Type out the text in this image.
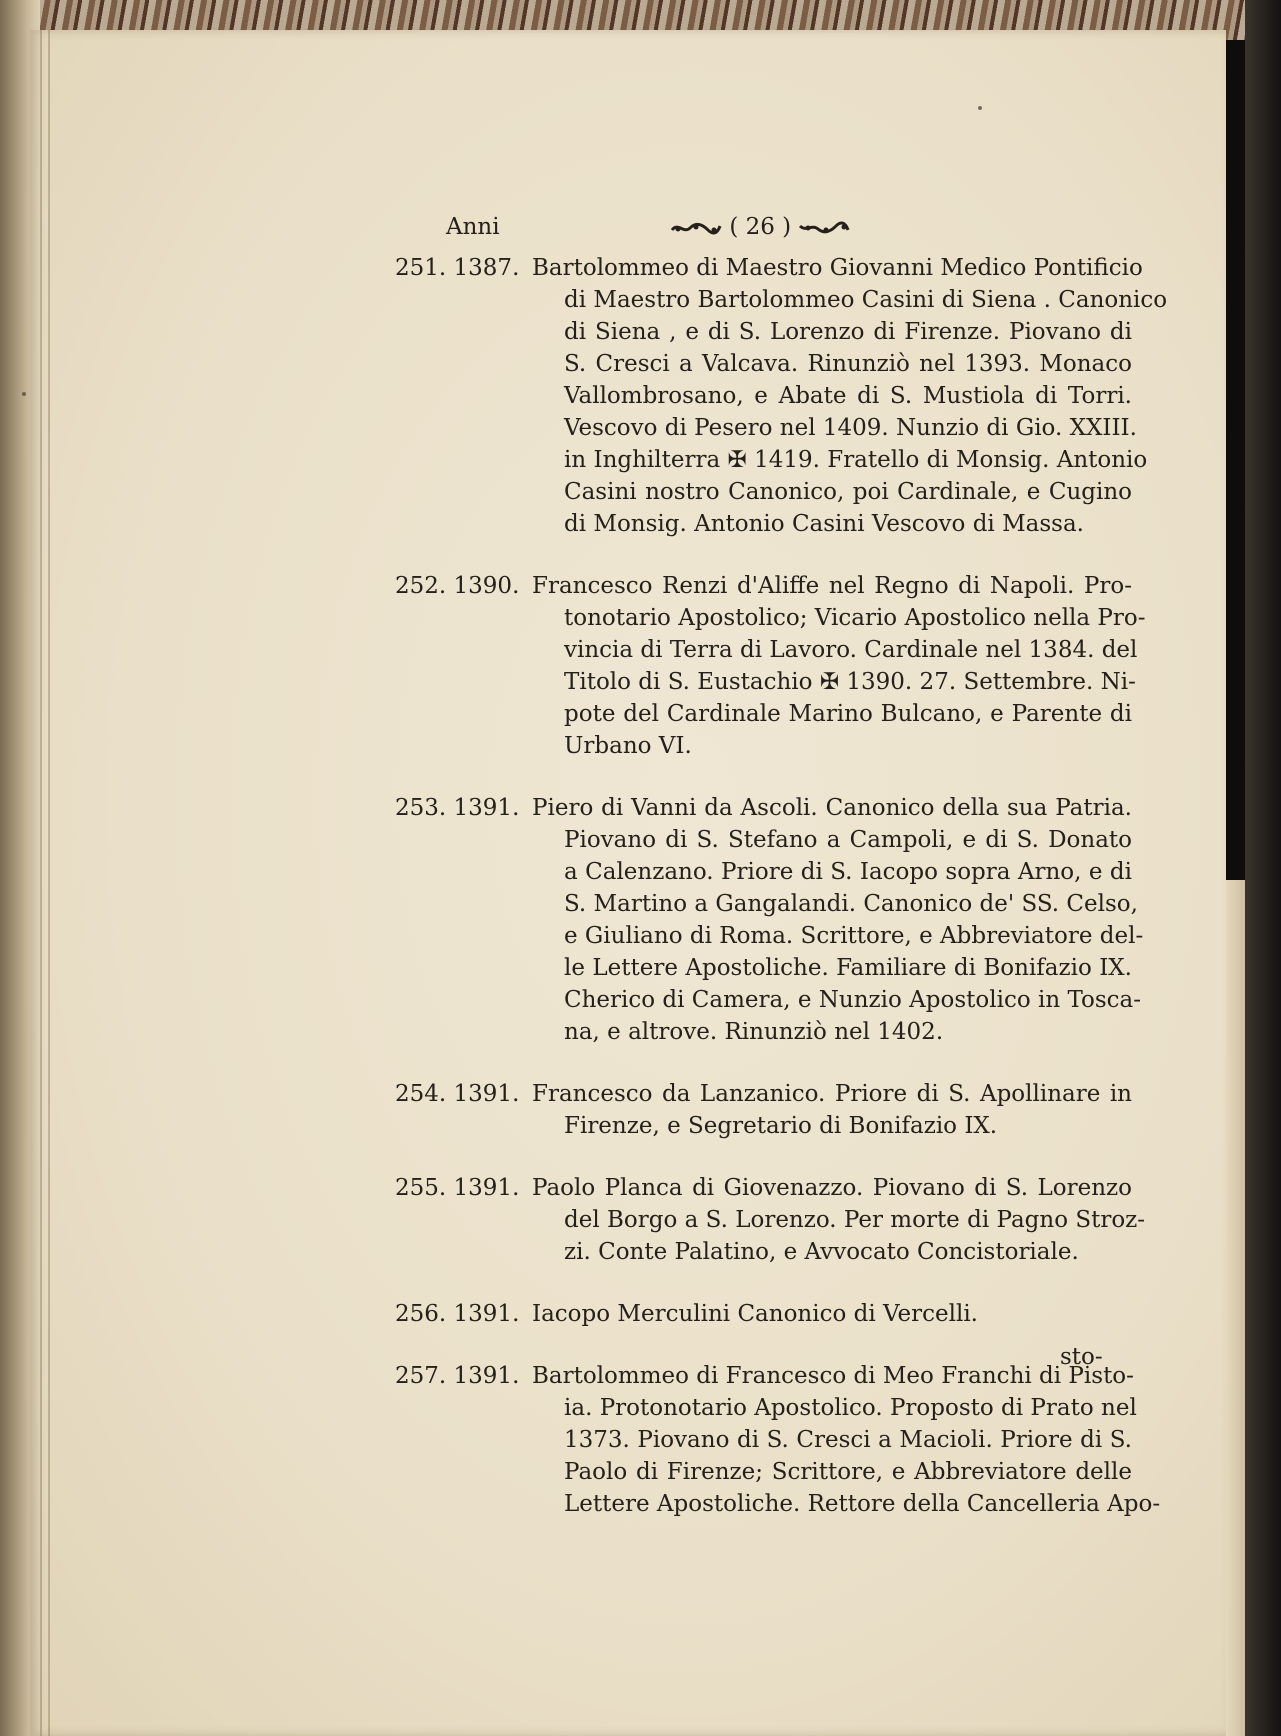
Anni	( 26 )
251. 1387. Bartolommeo di Maestro Giovanni Medico Pontificio
di Maestro Bartolommeo Casini di Siena . Canonico
di Siena , e di S. Lorenzo di Firenze. Piovano di
S. Cresci a Valcava. Rinunziò nel 1393. Monaco
Vallombrosano, e Abate di S. Mustiola di Torri.
Vescovo di Pesero nel 1409. Nunzio di Gio. XXIII.
in Inghilterra ✠ 1419. Fratello di Monsig. Antonio
Casini nostro Canonico, poi Cardinale, e Cugino
di Monsig. Antonio Casini Vescovo di Massa.
252. 1390. Francesco Renzi d'Aliffe nel Regno di Napoli. Pro-
tonotario Apostolico; Vicario Apostolico nella Pro-
vincia di Terra di Lavoro. Cardinale nel 1384. del
Titolo di S. Eustachio ✠ 1390. 27. Settembre. Ni-
pote del Cardinale Marino Bulcano, e Parente di
Urbano VI.
253. 1391. Piero di Vanni da Ascoli. Canonico della sua Patria.
Piovano di S. Stefano a Campoli, e di S. Donato
a Calenzano. Priore di S. Iacopo sopra Arno, e di
S. Martino a Gangalandi. Canonico de' SS. Celso,
e Giuliano di Roma. Scrittore, e Abbreviatore del-
le Lettere Apostoliche. Familiare di Bonifazio IX.
Cherico di Camera, e Nunzio Apostolico in Tosca-
na, e altrove. Rinunziò nel 1402.
254. 1391. Francesco da Lanzanico. Priore di S. Apollinare in
Firenze, e Segretario di Bonifazio IX.
255. 1391. Paolo Planca di Giovenazzo. Piovano di S. Lorenzo
del Borgo a S. Lorenzo. Per morte di Pagno Stroz-
zi. Conte Palatino, e Avvocato Concistoriale.
256. 1391. Iacopo Merculini Canonico di Vercelli.
257. 1391. Bartolommeo di Francesco di Meo Franchi di Pisto-
ia. Protonotario Apostolico. Proposto di Prato nel
1373. Piovano di S. Cresci a Macioli. Priore di S.
Paolo di Firenze; Scrittore, e Abbreviatore delle
Lettere Apostoliche. Rettore della Cancelleria Apo-
sto-
